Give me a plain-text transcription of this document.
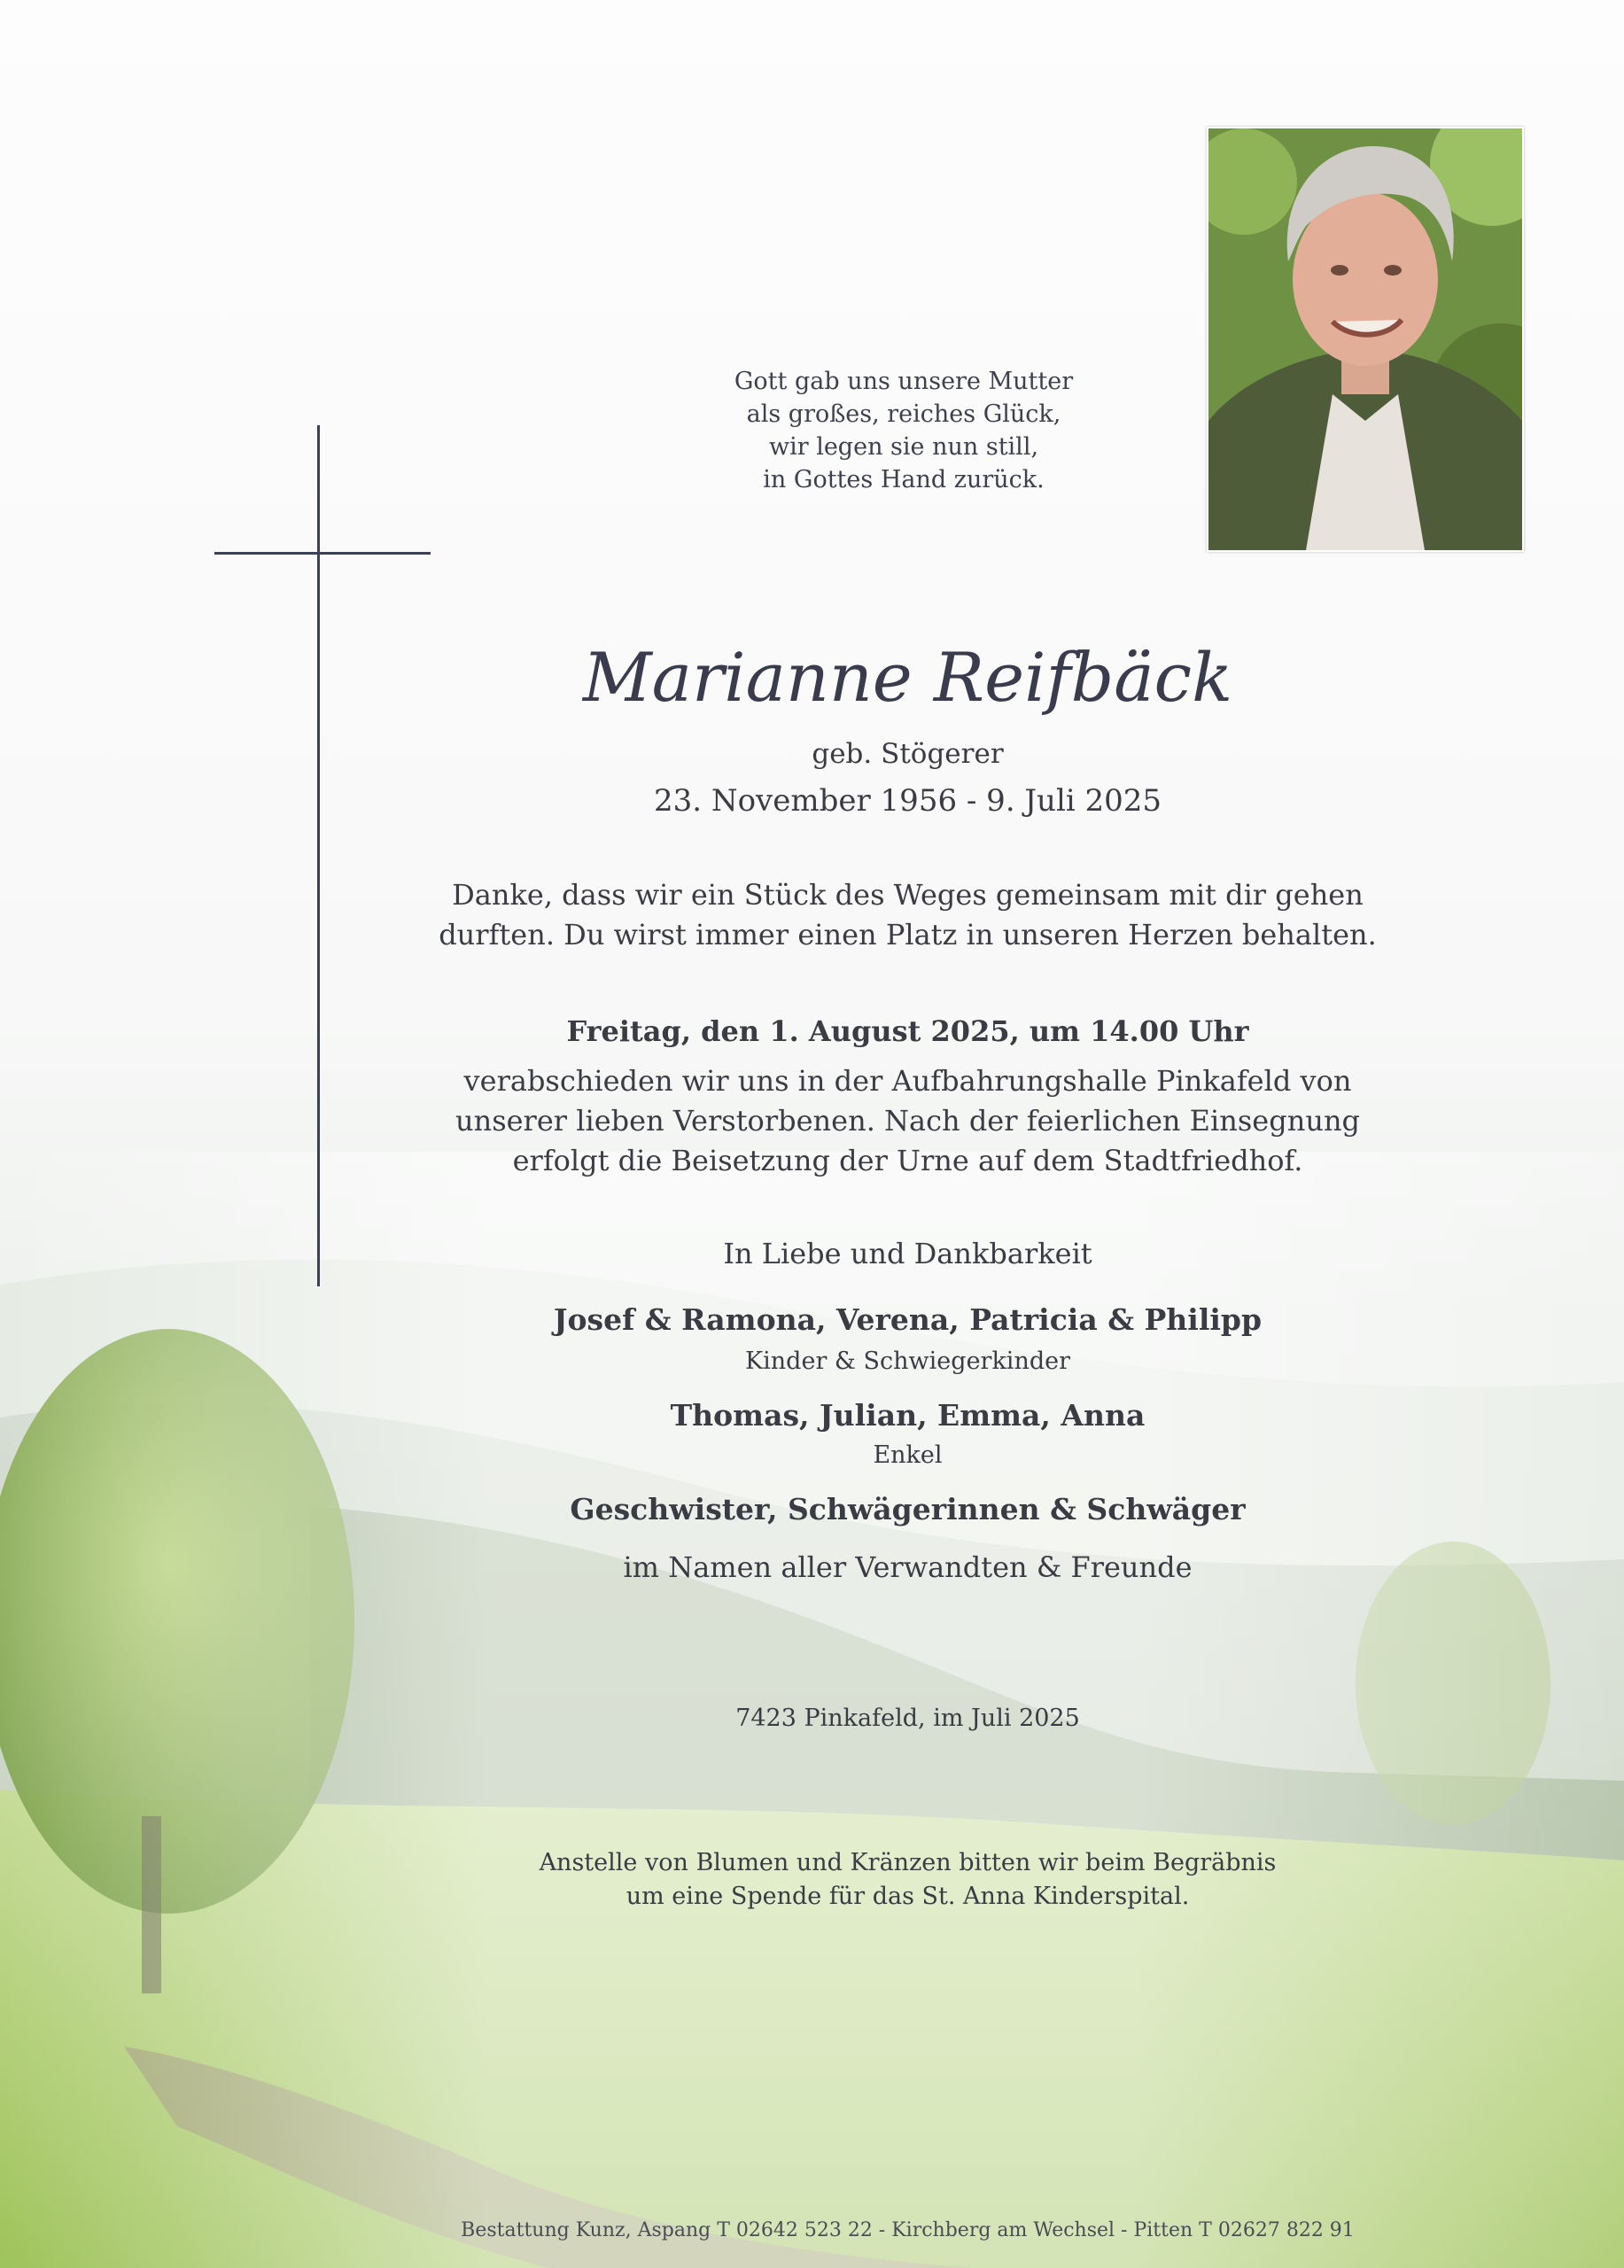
Gott gab uns unsere Mutter
als großes, reiches Glück,
wir legen sie nun still,
in Gottes Hand zurück.
Marianne Reifbäck
geb. Stögerer
23. November 1956 - 9. Juli 2025
Danke, dass wir ein Stück des Weges gemeinsam mit dir gehen
durften. Du wirst immer einen Platz in unseren Herzen behalten.
Freitag, den 1. August 2025, um 14.00 Uhr
verabschieden wir uns in der Aufbahrungshalle Pinkafeld von
unserer lieben Verstorbenen. Nach der feierlichen Einsegnung
erfolgt die Beisetzung der Urne auf dem Stadtfriedhof.
In Liebe und Dankbarkeit
Josef & Ramona, Verena, Patricia & Philipp
Kinder & Schwiegerkinder
Thomas, Julian, Emma, Anna
Enkel
Geschwister, Schwägerinnen & Schwäger
im Namen aller Verwandten & Freunde
7423 Pinkafeld, im Juli 2025
Anstelle von Blumen und Kränzen bitten wir beim Begräbnis
um eine Spende für das St. Anna Kinderspital.
Bestattung Kunz, Aspang T 02642 523 22 - Kirchberg am Wechsel - Pitten T 02627 822 91
